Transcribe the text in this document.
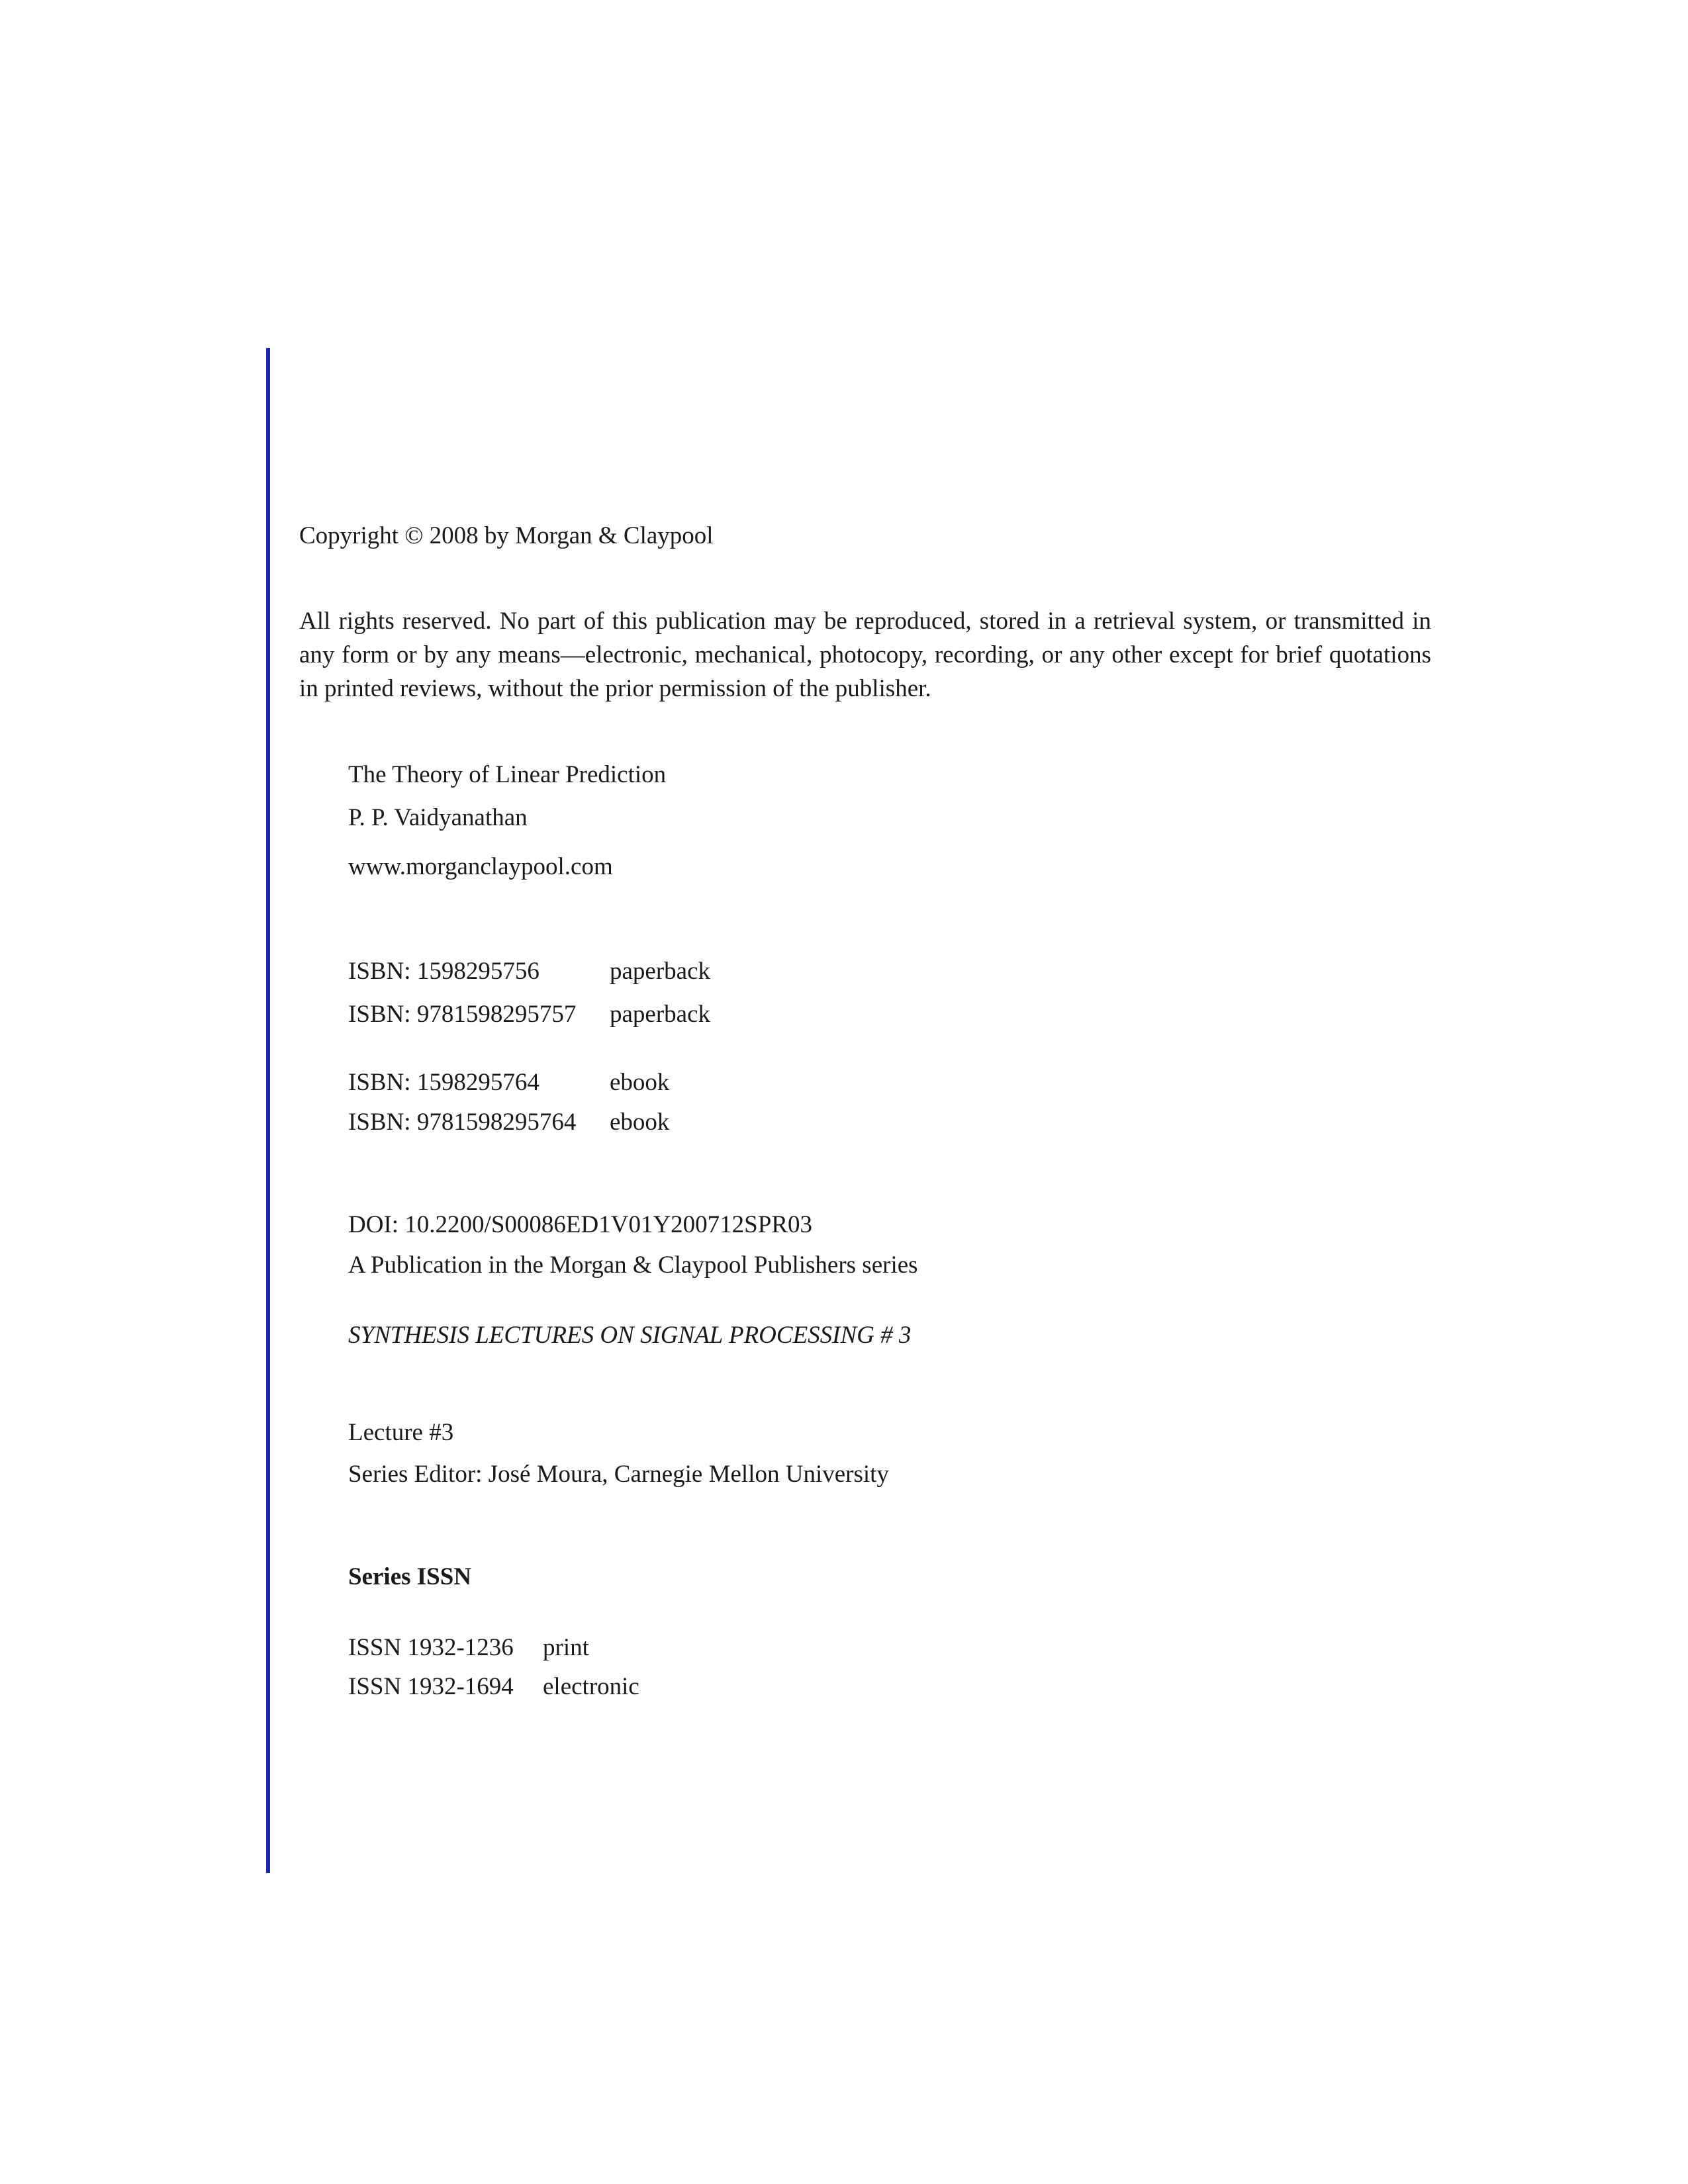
Copyright © 2008 by Morgan & Claypool
All rights reserved. No part of this publication may be reproduced, stored in a retrieval system, or transmitted in any form or by any means—electronic, mechanical, photocopy, recording, or any other except for brief quotations in printed reviews, without the prior permission of the publisher.
The Theory of Linear Prediction
P. P. Vaidyanathan
www.morganclaypool.com
ISBN: 1598295756	paperback
ISBN: 9781598295757 paperback
ISBN: 1598295764	ebook
ISBN: 9781598295764 ebook
DOI: 10.2200/S00086ED1V01Y200712SPR03
A Publication in the Morgan & Claypool Publishers series
SYNTHESIS LECTURES ON SIGNAL PROCESSING # 3
Lecture #3
Series Editor: José Moura, Carnegie Mellon University
Series ISSN
ISSN 1932-1236 print
ISSN 1932-1694 electronic
